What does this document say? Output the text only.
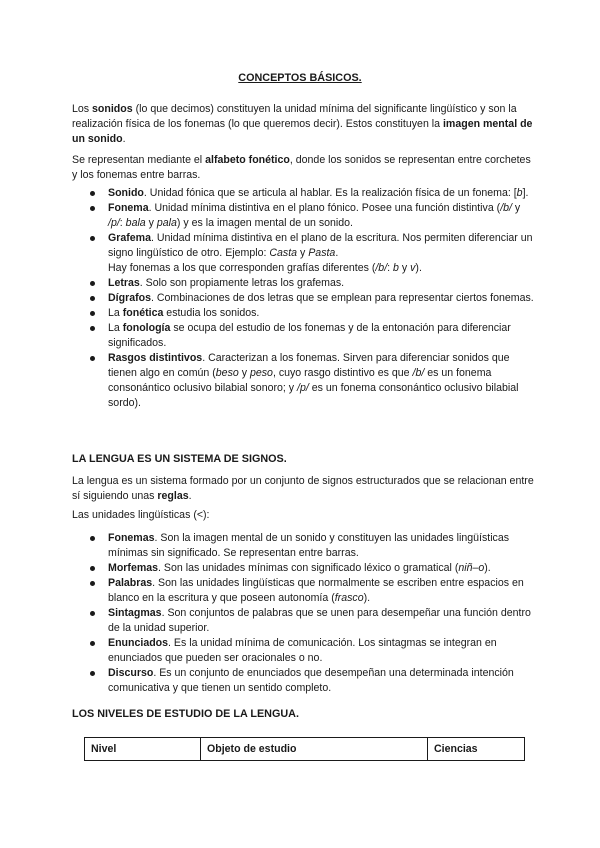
CONCEPTOS BÁSICOS.

Los sonidos (lo que decimos) constituyen la unidad mínima del significante lingüístico y son la realización física de los fonemas (lo que queremos decir). Estos constituyen la imagen mental de un sonido.

Se representan mediante el alfabeto fonético, donde los sonidos se representan entre corchetes y los fonemas entre barras.

Sonido. Unidad fónica que se articula al hablar. Es la realización física de un fonema: [b].
Fonema. Unidad mínima distintiva en el plano fónico. Posee una función distintiva (/b/ y /p/: bala y pala) y es la imagen mental de un sonido.
Grafema. Unidad mínima distintiva en el plano de la escritura. Nos permiten diferenciar un signo lingüístico de otro. Ejemplo: Casta y Pasta.
Hay fonemas a los que corresponden grafías diferentes (/b/: b y v).
Letras. Solo son propiamente letras los grafemas.
Dígrafos. Combinaciones de dos letras que se emplean para representar ciertos fonemas.
La fonética estudia los sonidos.
La fonología se ocupa del estudio de los fonemas y de la entonación para diferenciar significados.
Rasgos distintivos. Caracterizan a los fonemas. Sirven para diferenciar sonidos que tienen algo en común (beso y peso, cuyo rasgo distintivo es que /b/ es un fonema consonántico oclusivo bilabial sonoro; y /p/ es un fonema consonántico oclusivo bilabial sordo).
LA LENGUA ES UN SISTEMA DE SIGNOS.

La lengua es un sistema formado por un conjunto de signos estructurados que se relacionan entre sí siguiendo unas reglas.

Las unidades lingüísticas (<):

Fonemas. Son la imagen mental de un sonido y constituyen las unidades lingüísticas mínimas sin significado. Se representan entre barras.
Morfemas. Son las unidades mínimas con significado léxico o gramatical (niñ–o).
Palabras. Son las unidades lingüísticas que normalmente se escriben entre espacios en blanco en la escritura y que poseen autonomía (frasco).
Sintagmas. Son conjuntos de palabras que se unen para desempeñar una función dentro de la unidad superior.
Enunciados. Es la unidad mínima de comunicación. Los sintagmas se integran en enunciados que pueden ser oracionales o no.
Discurso. Es un conjunto de enunciados que desempeñan una determinada intención comunicativa y que tienen un sentido completo.
LOS NIVELES DE ESTUDIO DE LA LENGUA.
Nivel	Objeto de estudio	Ciencias
